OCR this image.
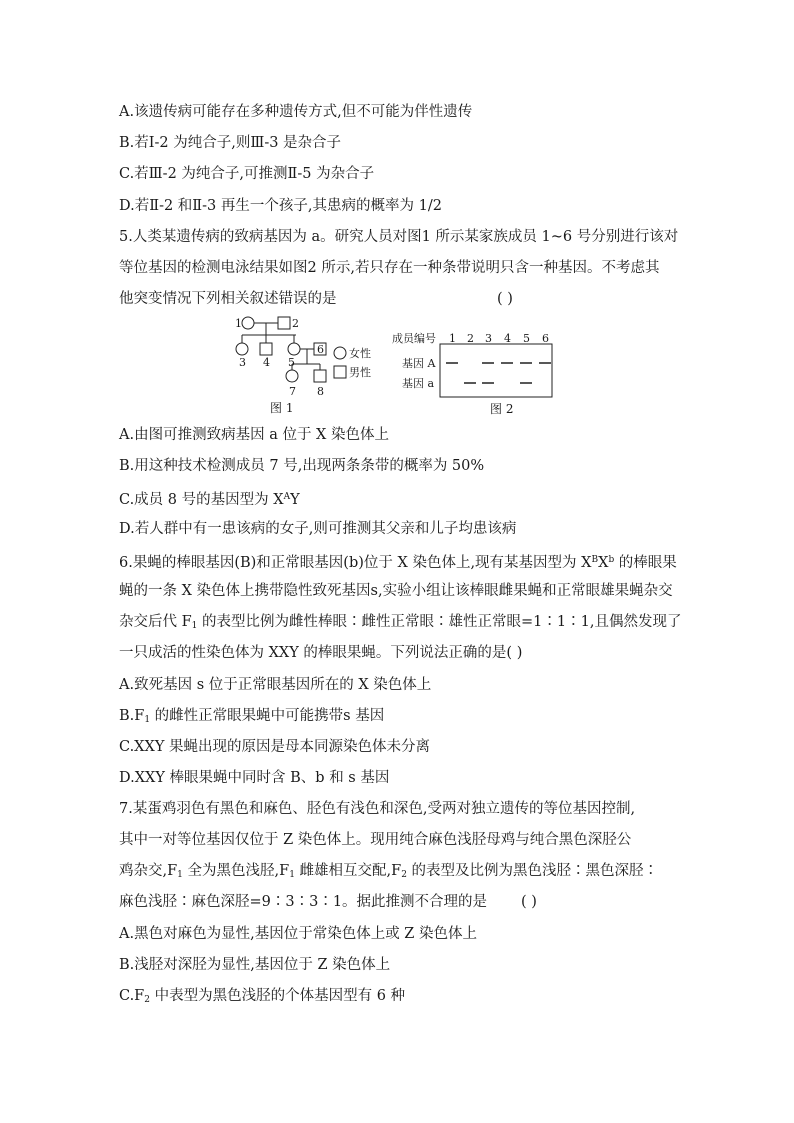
A.该遗传病可能存在多种遗传方式,但不可能为伴性遗传
B.若Ⅰ-2 为纯合子,则Ⅲ-3 是杂合子
C.若Ⅲ-2 为纯合子,可推测Ⅱ-5 为杂合子
D.若Ⅱ-2 和Ⅱ-3 再生一个孩子,其患病的概率为 1/2
5.人类某遗传病的致病基因为 a。研究人员对图1 所示某家族成员 1~6 号分别进行该对
等位基因的检测电泳结果如图2 所示,若只存在一种条带说明只含一种基因。不考虑其
他突变情况下列相关叙述错误的是	( )
1	2
3 4 5
6
7 8
女性
男性
图 1
成员编号 1 2 3 4 5 6
基因 A
基因 a
图 2
A.由图可推测致病基因 a 位于 X 染色体上
B.用这种技术检测成员 7 号,出现两条条带的概率为 50%
C.成员 8 号的基因型为 $X^AY$
D.若人群中有一患该病的女子,则可推测其父亲和儿子均患该病
6.果蝇的棒眼基因(B)和正常眼基因(b)位于 X 染色体上,现有某基因型为 $X^BX^b$ 的棒眼果
蝇的一条 X 染色体上携带隐性致死基因s,实验小组让该棒眼雌果蝇和正常眼雄果蝇杂交
杂交后代 $F_1$ 的表型比例为雌性棒眼∶雌性正常眼∶雄性正常眼=1∶1∶1,且偶然发现了
一只成活的性染色体为 XXY 的棒眼果蝇。下列说法正确的是( )
A.致死基因 s 位于正常眼基因所在的 X 染色体上
$B.F_1$ 的雌性正常眼果蝇中可能携带s 基因
C.XXY 果蝇出现的原因是母本同源染色体未分离
D.XXY 棒眼果蝇中同时含 B、b 和 s 基因
7.某蛋鸡羽色有黑色和麻色、胫色有浅色和深色,受两对独立遗传的等位基因控制,
其中一对等位基因仅位于 Z 染色体上。现用纯合麻色浅胫母鸡与纯合黑色深胫公
鸡杂交$,F_1$ 全为黑色浅胫$,F_1$ 雌雄相互交配$,F_2$ 的表型及比例为黑色浅胫∶黑色深胫∶
麻色浅胫∶麻色深胫=9∶3∶3∶1。据此推测不合理的是 ( )
A.黑色对麻色为显性,基因位于常染色体上或 Z 染色体上
B.浅胫对深胫为显性,基因位于 Z 染色体上
$C.F_2$ 中表型为黑色浅胫的个体基因型有 6 种
